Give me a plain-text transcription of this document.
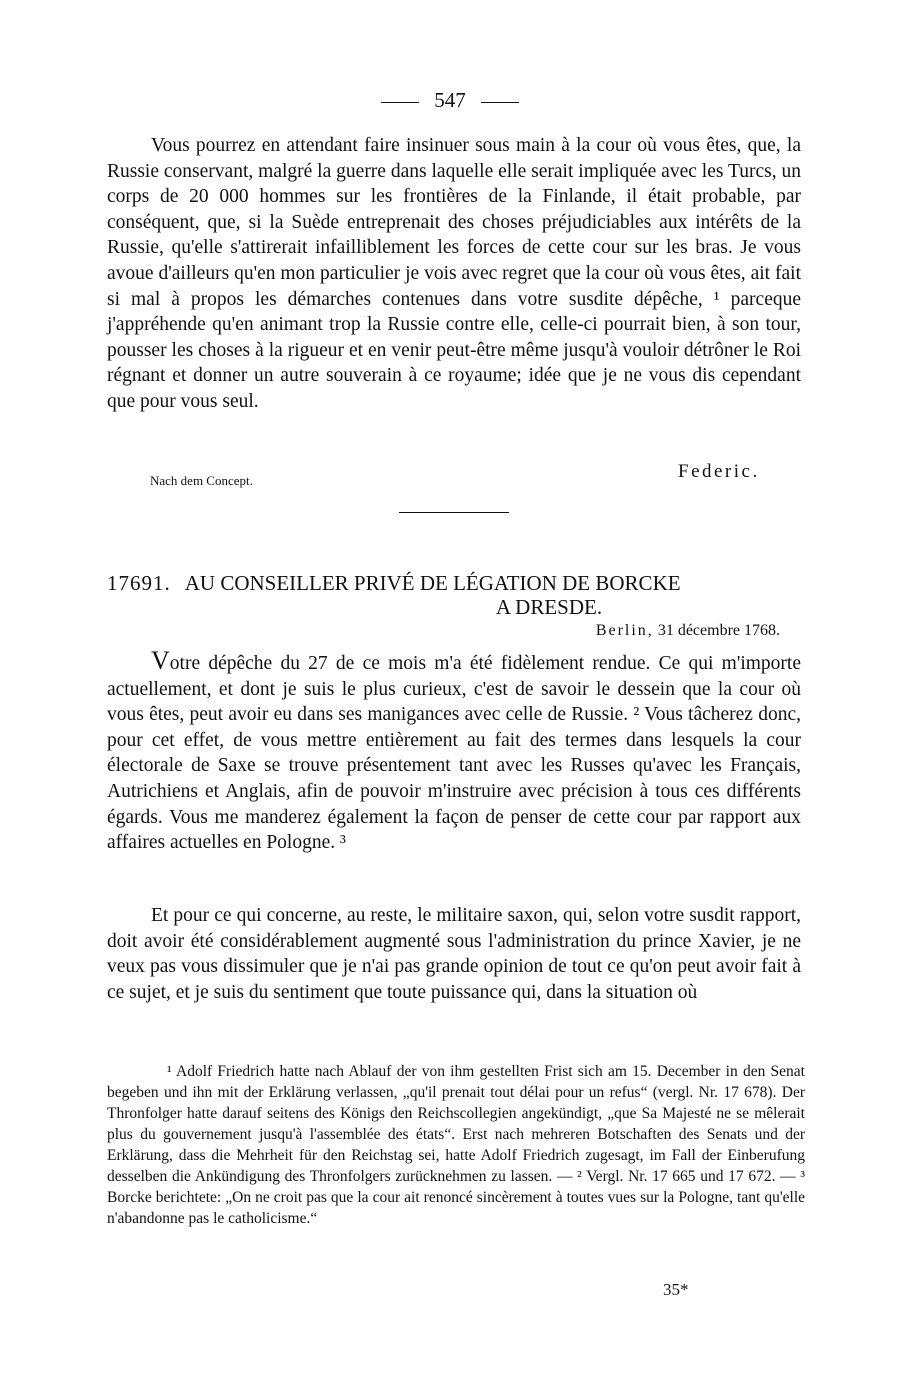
547

Vous pourrez en attendant faire insinuer sous main à la cour où vous êtes, que, la Russie conservant, malgré la guerre dans laquelle elle serait impliquée avec les Turcs, un corps de 20 000 hommes sur les frontières de la Finlande, il était probable, par conséquent, que, si la Suède entreprenait des choses préjudiciables aux intérêts de la Russie, qu'elle s'attirerait infailliblement les forces de cette cour sur les bras. Je vous avoue d'ailleurs qu'en mon particulier je vois avec regret que la cour où vous êtes, ait fait si mal à propos les démarches contenues dans votre susdite dépêche, ¹ parceque j'appréhende qu'en animant trop la Russie contre elle, celle-ci pourrait bien, à son tour, pousser les choses à la rigueur et en venir peut-être même jusqu'à vouloir détrôner le Roi régnant et donner un autre souverain à ce royaume; idée que je ne vous dis cependant que pour vous seul.

Nach dem Concept.	Federic.
17691. AU CONSEILLER PRIVÉ DE LÉGATION DE BORCKE
A DRESDE.
Berlin, 31 décembre 1768.

Votre dépêche du 27 de ce mois m'a été fidèlement rendue. Ce qui m'importe actuellement, et dont je suis le plus curieux, c'est de savoir le dessein que la cour où vous êtes, peut avoir eu dans ses manigances avec celle de Russie. ² Vous tâcherez donc, pour cet effet, de vous mettre entièrement au fait des termes dans lesquels la cour électorale de Saxe se trouve présentement tant avec les Russes qu'avec les Français, Autrichiens et Anglais, afin de pouvoir m'instruire avec précision à tous ces différents égards. Vous me manderez également la façon de penser de cette cour par rapport aux affaires actuelles en Pologne. ³

Et pour ce qui concerne, au reste, le militaire saxon, qui, selon votre susdit rapport, doit avoir été considérablement augmenté sous l'administration du prince Xavier, je ne veux pas vous dissimuler que je n'ai pas grande opinion de tout ce qu'on peut avoir fait à ce sujet, et je suis du sentiment que toute puissance qui, dans la situation où

¹ Adolf Friedrich hatte nach Ablauf der von ihm gestellten Frist sich am 15. December in den Senat begeben und ihn mit der Erklärung verlassen, „qu'il prenait tout délai pour un refus“ (vergl. Nr. 17 678). Der Thronfolger hatte darauf seitens des Königs den Reichscollegien angekündigt, „que Sa Majesté ne se mêlerait plus du gouvernement jusqu'à l'assemblée des états“. Erst nach mehreren Botschaften des Senats und der Erklärung, dass die Mehrheit für den Reichstag sei, hatte Adolf Friedrich zugesagt, im Fall der Einberufung desselben die Ankündigung des Thronfolgers zurücknehmen zu lassen. — ² Vergl. Nr. 17 665 und 17 672. — ³ Borcke berichtete: „On ne croit pas que la cour ait renoncé sincèrement à toutes vues sur la Pologne, tant qu'elle n'abandonne pas le catholicisme.“

35*
